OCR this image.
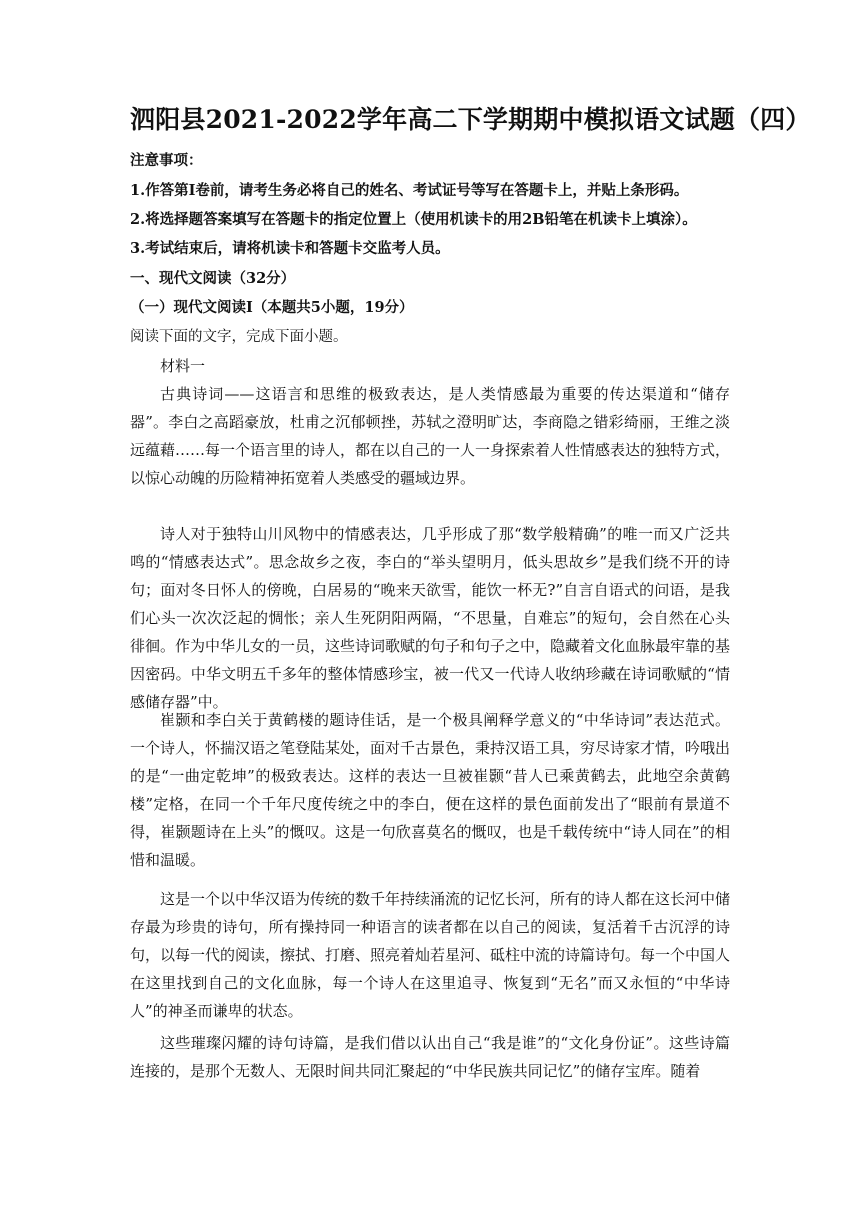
泗阳县2021-2022学年高二下学期期中模拟语文试题（四）
注意事项：
1.作答第Ⅰ卷前，请考生务必将自己的姓名、考试证号等写在答题卡上，并贴上条形码。
2.将选择题答案填写在答题卡的指定位置上（使用机读卡的用2B铅笔在机读卡上填涂）。
3.考试结束后，请将机读卡和答题卡交监考人员。
一、现代文阅读（32分）
（一）现代文阅读Ⅰ（本题共5小题，19分）
阅读下面的文字，完成下面小题。
材料一

古典诗词——这语言和思维的极致表达，是人类情感最为重要的传达渠道和“储存器”。李白之高蹈豪放，杜甫之沉郁顿挫，苏轼之澄明旷达，李商隐之错彩绮丽，王维之淡远蕴藉……每一个语言里的诗人，都在以自己的一人一身探索着人性情感表达的独特方式，以惊心动魄的历险精神拓宽着人类感受的疆域边界。

诗人对于独特山川风物中的情感表达，几乎形成了那“数学般精确”的唯一而又广泛共鸣的“情感表达式”。思念故乡之夜，李白的“举头望明月，低头思故乡”是我们绕不开的诗句；面对冬日怀人的傍晚，白居易的“晚来天欲雪，能饮一杯无?”自言自语式的问语，是我们心头一次次泛起的惆怅；亲人生死阴阳两隔，“不思量，自难忘”的短句，会自然在心头徘徊。作为中华儿女的一员，这些诗词歌赋的句子和句子之中，隐藏着文化血脉最牢靠的基因密码。中华文明五千多年的整体情感珍宝，被一代又一代诗人收纳珍藏在诗词歌赋的“情感储存器”中。

崔颢和李白关于黄鹤楼的题诗佳话，是一个极具阐释学意义的“中华诗词”表达范式。一个诗人，怀揣汉语之笔登陆某处，面对千古景色，秉持汉语工具，穷尽诗家才情，吟哦出的是“一曲定乾坤”的极致表达。这样的表达一旦被崔颢“昔人已乘黄鹤去，此地空余黄鹤楼”定格，在同一个千年尺度传统之中的李白，便在这样的景色面前发出了“眼前有景道不得，崔颢题诗在上头”的慨叹。这是一句欣喜莫名的慨叹，也是千载传统中“诗人同在”的相惜和温暖。

这是一个以中华汉语为传统的数千年持续涌流的记忆长河，所有的诗人都在这长河中储存最为珍贵的诗句，所有操持同一种语言的读者都在以自己的阅读，复活着千古沉浮的诗句，以每一代的阅读，擦拭、打磨、照亮着灿若星河、砥柱中流的诗篇诗句。每一个中国人在这里找到自己的文化血脉，每一个诗人在这里追寻、恢复到“无名”而又永恒的“中华诗人”的神圣而谦卑的状态。

这些璀璨闪耀的诗句诗篇，是我们借以认出自己“我是谁”的“文化身份证”。这些诗篇连接的，是那个无数人、无限时间共同汇聚起的“中华民族共同记忆”的储存宝库。随着
